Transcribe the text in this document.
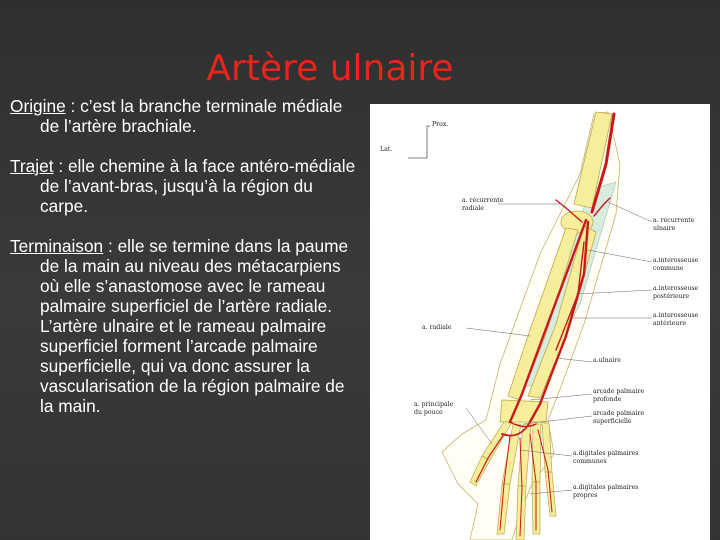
Artère ulnaire

Origine : c’est la branche terminale médiale de l’artère brachiale.

Trajet : elle chemine à la face antéro-médiale de l’avant-bras, jusqu’à la région du carpe.

Terminaison : elle se termine dans la paume de la main au niveau des métacarpiens où elle s’anastomose avec le rameau palmaire superficiel de l’artère radiale. L’artère ulnaire et le rameau palmaire superficiel forment l’arcade palmaire superficielle, qui va donc assurer la vascularisation de la région palmaire de la main.

Prox.
Lat.
a. récurrente
radiale
a. récurrente
ulnaire
a.interosseuse
commune
a.interosseuse
postérieure
a.interosseuse
antérieure
a. radiale
a.ulnaire
arcade palmaire
profonde
a. principale
du pouce	arcade palmaire
superficielle
a.digitales palmaires
communes
a.digitales palmaires
propres
